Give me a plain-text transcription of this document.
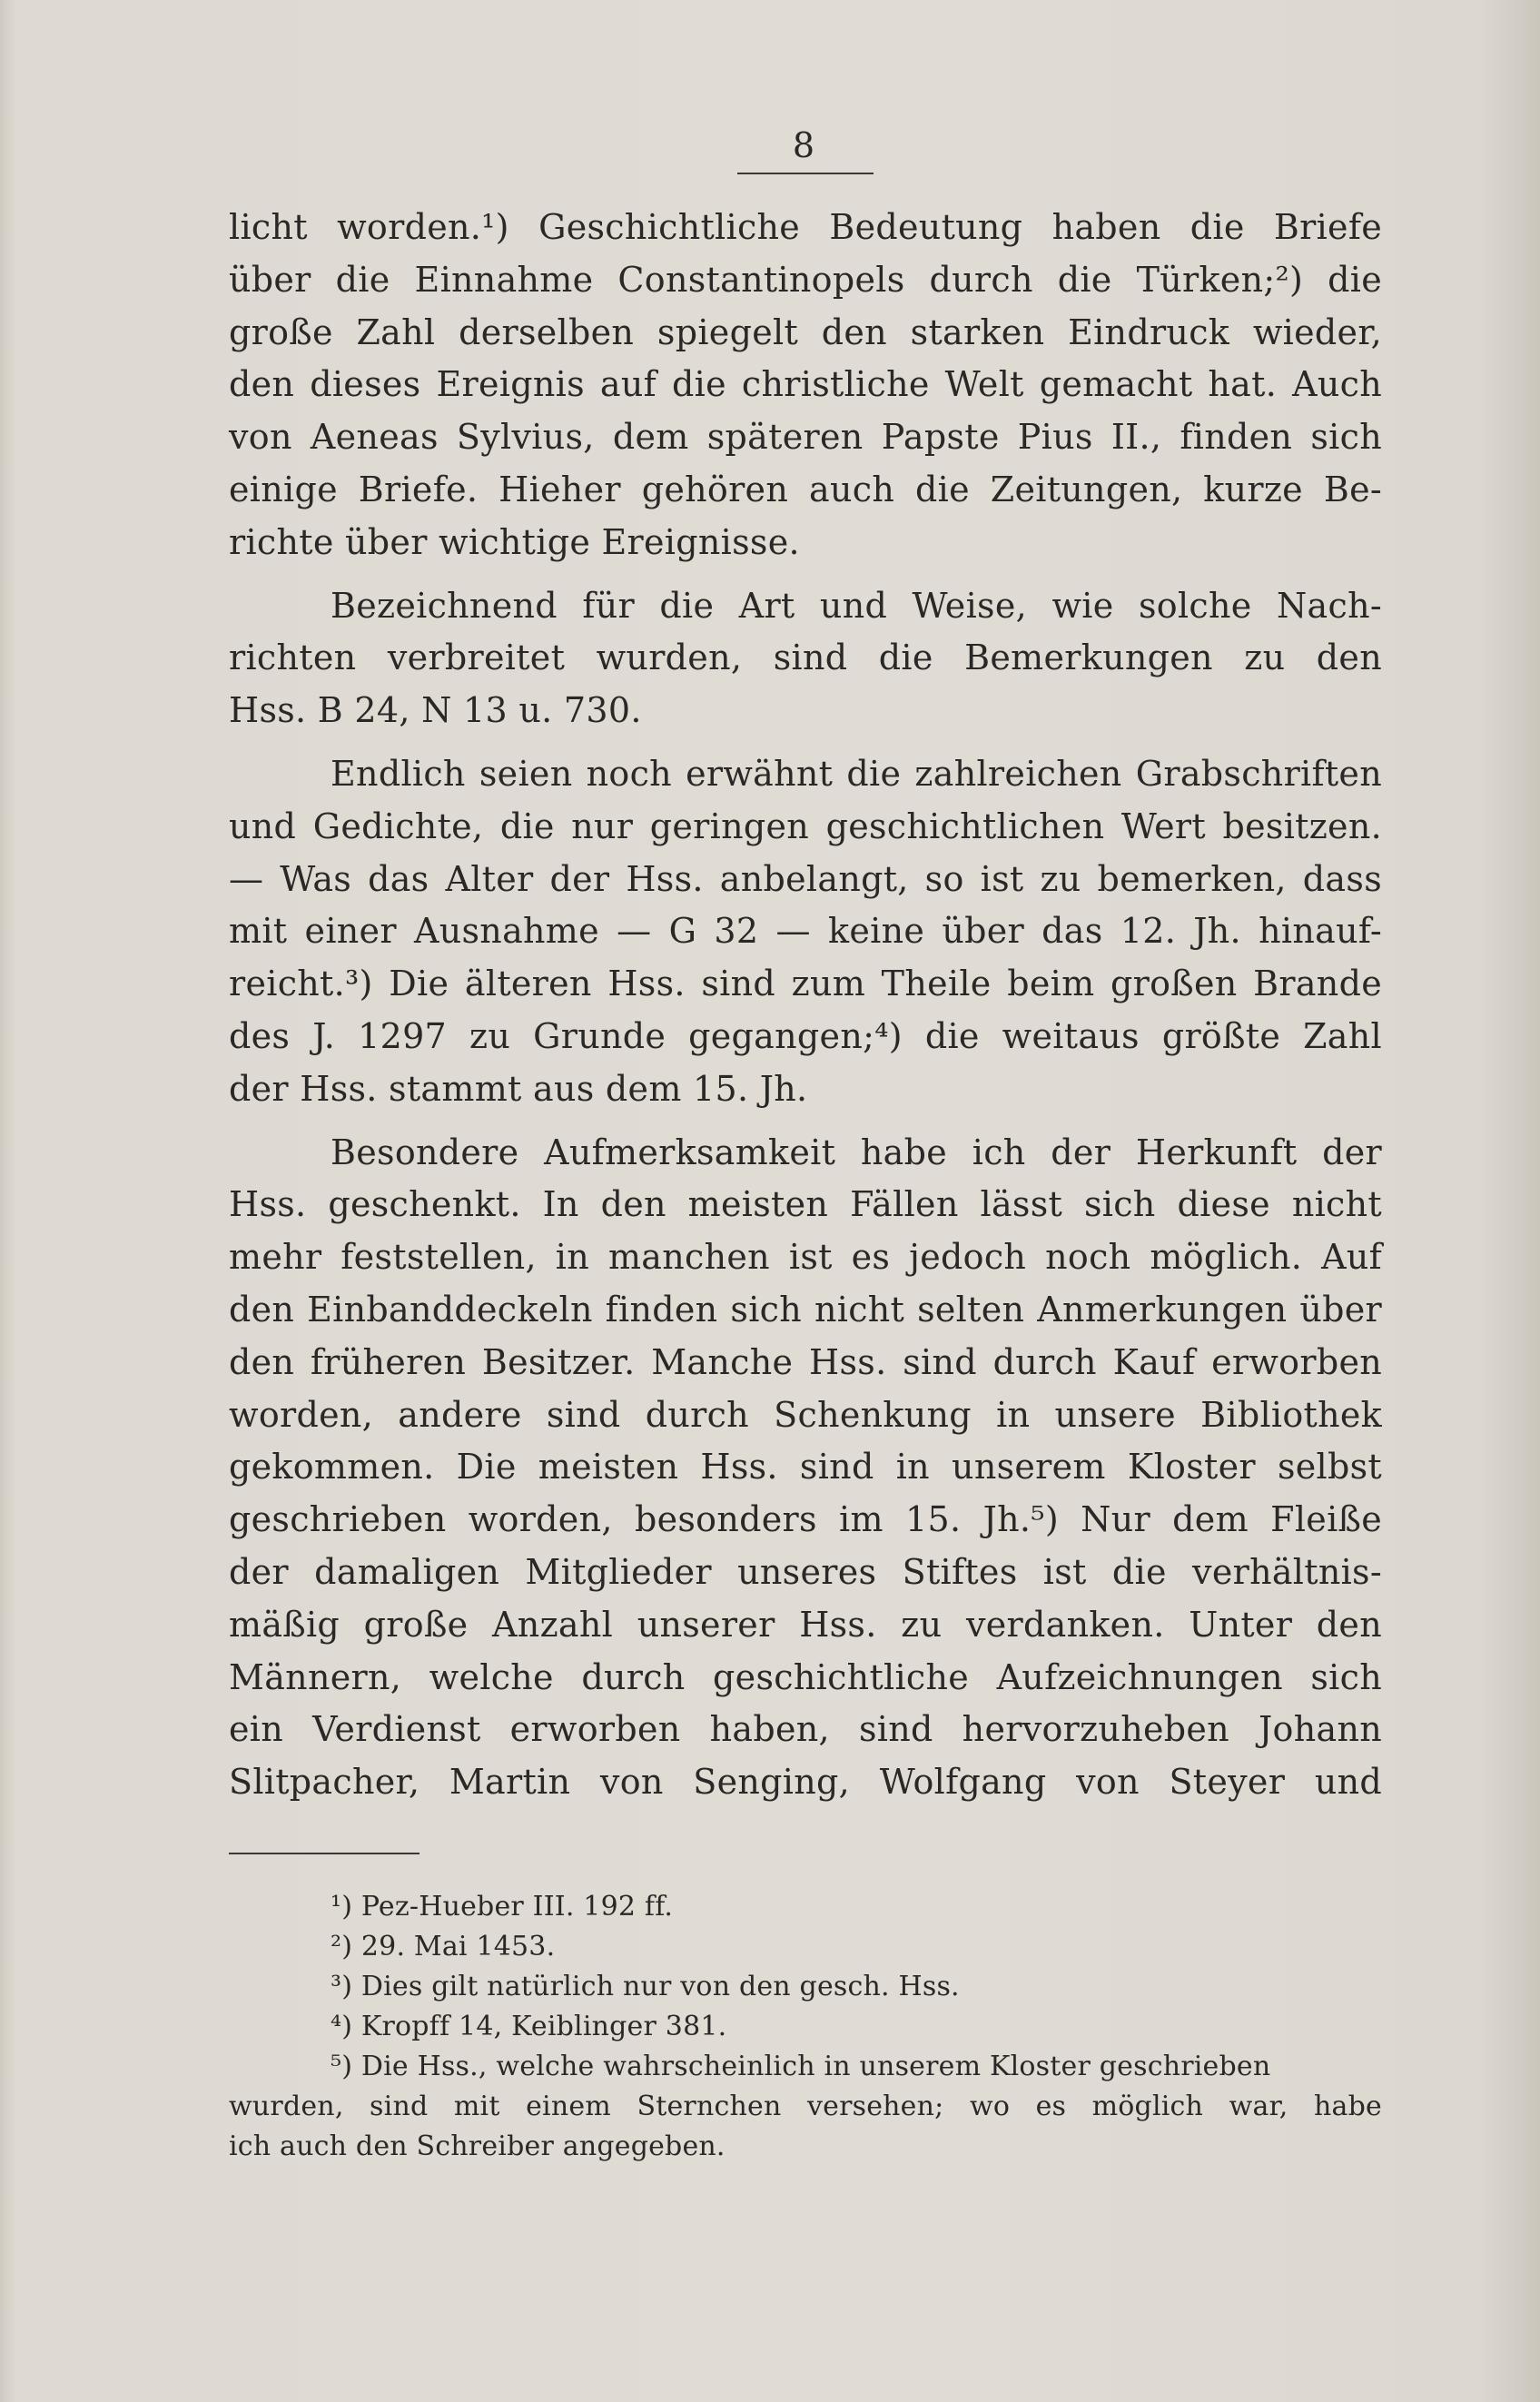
8
licht worden.¹) Geschichtliche Bedeutung haben die Briefe
über die Einnahme Constantinopels durch die Türken;²) die
große Zahl derselben spiegelt den starken Eindruck wieder,
den dieses Ereignis auf die christliche Welt gemacht hat. Auch
von Aeneas Sylvius, dem späteren Papste Pius II., finden sich
einige Briefe. Hieher gehören auch die Zeitungen, kurze Be-
richte über wichtige Ereignisse.
Bezeichnend für die Art und Weise, wie solche Nach-
richten verbreitet wurden, sind die Bemerkungen zu den
Hss. B 24, N 13 u. 730.
Endlich seien noch erwähnt die zahlreichen Grabschriften
und Gedichte, die nur geringen geschichtlichen Wert besitzen.
— Was das Alter der Hss. anbelangt, so ist zu bemerken, dass
mit einer Ausnahme — G 32 — keine über das 12. Jh. hinauf-
reicht.³) Die älteren Hss. sind zum Theile beim großen Brande
des J. 1297 zu Grunde gegangen;⁴) die weitaus größte Zahl
der Hss. stammt aus dem 15. Jh.
Besondere Aufmerksamkeit habe ich der Herkunft der
Hss. geschenkt. In den meisten Fällen lässt sich diese nicht
mehr feststellen, in manchen ist es jedoch noch möglich. Auf
den Einbanddeckeln finden sich nicht selten Anmerkungen über
den früheren Besitzer. Manche Hss. sind durch Kauf erworben
worden, andere sind durch Schenkung in unsere Bibliothek
gekommen. Die meisten Hss. sind in unserem Kloster selbst
geschrieben worden, besonders im 15. Jh.⁵) Nur dem Fleiße
der damaligen Mitglieder unseres Stiftes ist die verhältnis-
mäßig große Anzahl unserer Hss. zu verdanken. Unter den
Männern, welche durch geschichtliche Aufzeichnungen sich
ein Verdienst erworben haben, sind hervorzuheben Johann
Slitpacher, Martin von Senging, Wolfgang von Steyer und
¹) Pez-Hueber III. 192 ff.
²) 29. Mai 1453.
³) Dies gilt natürlich nur von den gesch. Hss.
⁴) Kropff 14, Keiblinger 381.
⁵) Die Hss., welche wahrscheinlich in unserem Kloster geschrieben
wurden, sind mit einem Sternchen versehen; wo es möglich war, habe
ich auch den Schreiber angegeben.
